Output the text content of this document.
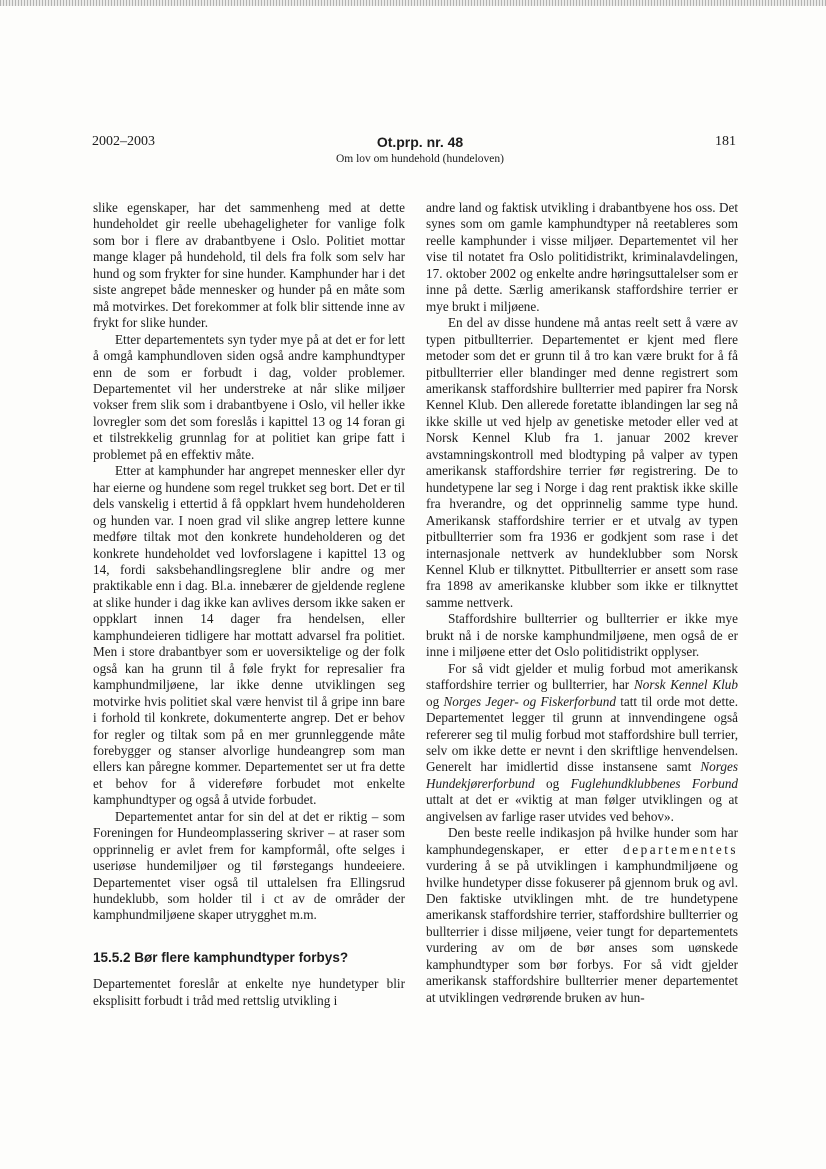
2002–2003	Ot.prp. nr. 48
Om lov om hundehold (hundeloven)
181

slike egenskaper, har det sammenheng med at dette hundeholdet gir reelle ubehageligheter for vanlige folk som bor i flere av drabantbyene i Oslo. Politiet mottar mange klager på hundehold, til dels fra folk som selv har hund og som frykter for sine hunder. Kamphunder har i det siste angrepet både mennesker og hunder på en måte som må motvirkes. Det forekommer at folk blir sittende inne av frykt for slike hunder.

Etter departementets syn tyder mye på at det er for lett å omgå kamphundloven siden også andre kamphundtyper enn de som er forbudt i dag, volder problemer. Departementet vil her understreke at når slike miljøer vokser frem slik som i drabantbyene i Oslo, vil heller ikke lovregler som det som foreslås i kapittel 13 og 14 foran gi et tilstrekkelig grunnlag for at politiet kan gripe fatt i problemet på en effektiv måte.

Etter at kamphunder har angrepet mennesker eller dyr har eierne og hundene som regel trukket seg bort. Det er til dels vanskelig i ettertid å få oppklart hvem hundeholderen og hunden var. I noen grad vil slike angrep lettere kunne medføre tiltak mot den konkrete hundeholderen og det konkrete hundeholdet ved lovforslagene i kapittel 13 og 14, fordi saksbehandlingsreglene blir andre og mer praktikable enn i dag. Bl.a. innebærer de gjeldende reglene at slike hunder i dag ikke kan avlives dersom ikke saken er oppklart innen 14 dager fra hendelsen, eller kamphundeieren tidligere har mottatt advarsel fra politiet. Men i store drabantbyer som er uoversiktelige og der folk også kan ha grunn til å føle frykt for represalier fra kamphundmiljøene, lar ikke denne utviklingen seg motvirke hvis politiet skal være henvist til å gripe inn bare i forhold til konkrete, dokumenterte angrep. Det er behov for regler og tiltak som på en mer grunnleggende måte forebygger og stanser alvorlige hundeangrep som man ellers kan påregne kommer. Departementet ser ut fra dette et behov for å videreføre forbudet mot enkelte kamphundtyper og også å utvide forbudet.

Departementet antar for sin del at det er riktig – som Foreningen for Hundeomplassering skriver – at raser som opprinnelig er avlet frem for kampformål, ofte selges i useriøse hundemiljøer og til førstegangs hundeeiere. Departementet viser også til uttalelsen fra Ellingsrud hundeklubb, som holder til i ct av de områder der kamphundmiljøene skaper utrygghet m.m.

15.5.2 Bør flere kamphundtyper forbys?

Departementet foreslår at enkelte nye hundetyper blir eksplisitt forbudt i tråd med rettslig utvikling i

andre land og faktisk utvikling i drabantbyene hos oss. Det synes som om gamle kamphundtyper nå reetableres som reelle kamphunder i visse miljøer. Departementet vil her vise til notatet fra Oslo politidistrikt, kriminalavdelingen, 17. oktober 2002 og enkelte andre høringsuttalelser som er inne på dette. Særlig amerikansk staffordshire terrier er mye brukt i miljøene.

En del av disse hundene må antas reelt sett å være av typen pitbullterrier. Departementet er kjent med flere metoder som det er grunn til å tro kan være brukt for å få pitbullterrier eller blandinger med denne registrert som amerikansk staffordshire bullterrier med papirer fra Norsk Kennel Klub. Den allerede foretatte iblandingen lar seg nå ikke skille ut ved hjelp av genetiske metoder eller ved at Norsk Kennel Klub fra 1. januar 2002 krever avstamningskontroll med blodtyping på valper av typen amerikansk staffordshire terrier før registrering. De to hundetypene lar seg i Norge i dag rent praktisk ikke skille fra hverandre, og det opprinnelig samme type hund. Amerikansk staffordshire terrier er et utvalg av typen pitbullterrier som fra 1936 er godkjent som rase i det internasjonale nettverk av hundeklubber som Norsk Kennel Klub er tilknyttet. Pitbullterrier er ansett som rase fra 1898 av amerikanske klubber som ikke er tilknyttet samme nettverk.

Staffordshire bullterrier og bullterrier er ikke mye brukt nå i de norske kamphundmiljøene, men også de er inne i miljøene etter det Oslo politidistrikt opplyser.

For så vidt gjelder et mulig forbud mot amerikansk staffordshire terrier og bullterrier, har Norsk Kennel Klub og Norges Jeger- og Fiskerforbund tatt til orde mot dette. Departementet legger til grunn at innvendingene også refererer seg til mulig forbud mot staffordshire bull terrier, selv om ikke dette er nevnt i den skriftlige henvendelsen. Generelt har imidlertid disse instansene samt Norges Hundekjørerforbund og Fuglehundklubbenes Forbund uttalt at det er «viktig at man følger utviklingen og at angivelsen av farlige raser utvides ved behov».

Den beste reelle indikasjon på hvilke hunder som har kamphundegenskaper, er etter departementets vurdering å se på utviklingen i kamphundmiljøene og hvilke hundetyper disse fokuserer på gjennom bruk og avl. Den faktiske utviklingen mht. de tre hundetypene amerikansk staffordshire terrier, staffordshire bullterrier og bullterrier i disse miljøene, veier tungt for departementets vurdering av om de bør anses som uønskede kamphundtyper som bør forbys. For så vidt gjelder amerikansk staffordshire bullterrier mener departementet at utviklingen vedrørende bruken av hun-
